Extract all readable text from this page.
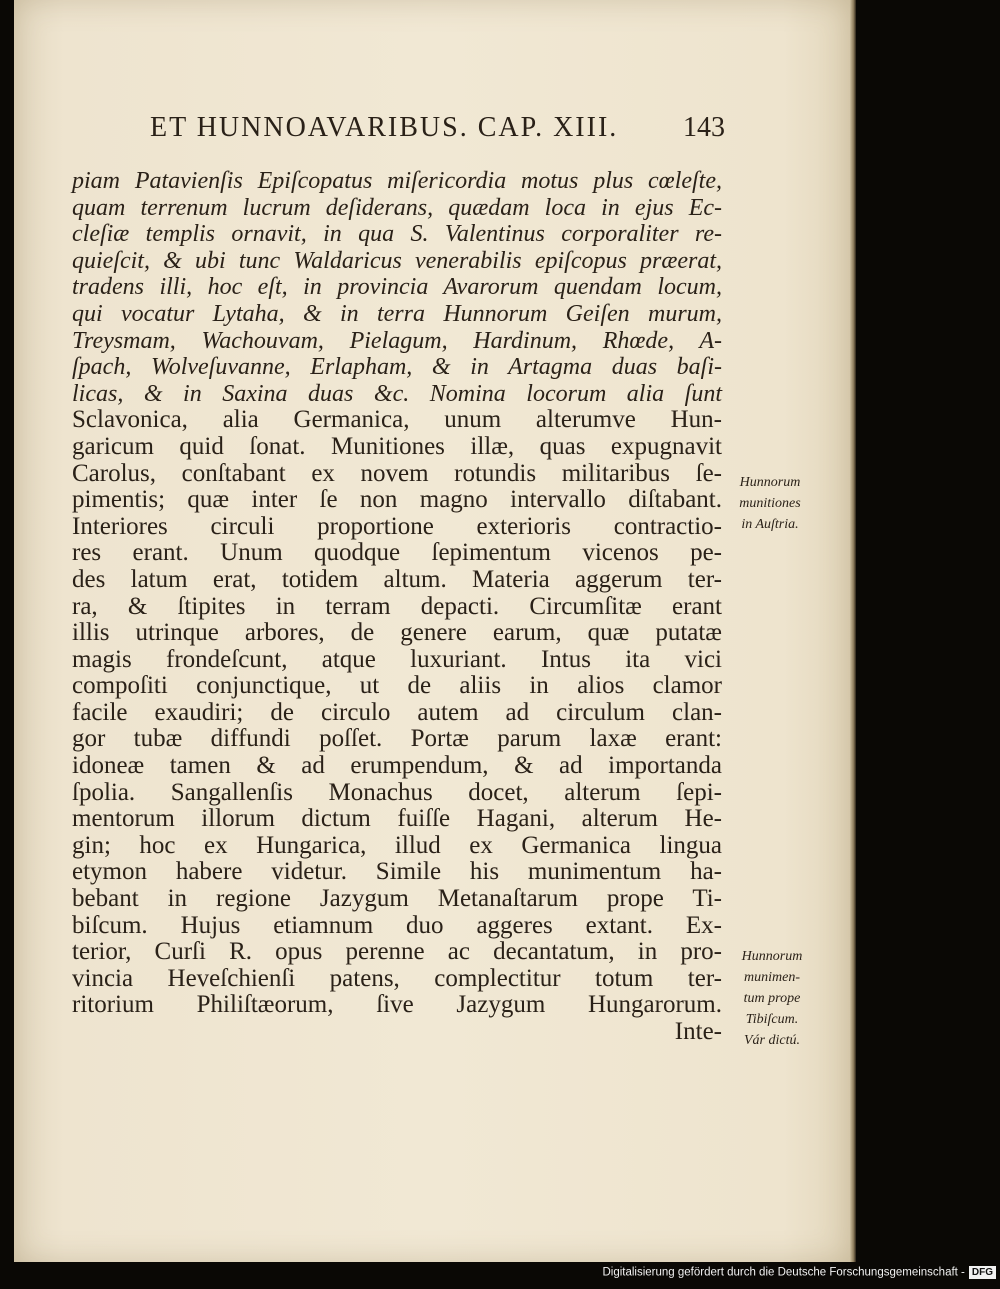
ET HUNNOAVARIBUS. CAP. XIII. 143
piam Patavienſis Epiſcopatus miſericordia motus plus cœleſte,
quam terrenum lucrum deſiderans, quædam loca in ejus Ec-
cleſiæ templis ornavit, in qua S. Valentinus corporaliter re-
quieſcit, & ubi tunc Waldaricus venerabilis epiſcopus præerat,
tradens illi, hoc eſt, in provincia Avarorum quendam locum,
qui vocatur Lytaha, & in terra Hunnorum Geiſen murum,
Treysmam, Wachouvam, Pielagum, Hardinum, Rhœde, A-
ſpach, Wolveſuvanne, Erlapham, & in Artagma duas baſi-
licas, & in Saxina duas &c. Nomina locorum alia ſunt
Sclavonica, alia Germanica, unum alterumve Hun-
garicum quid ſonat. Munitiones illæ, quas expugnavit
Carolus, conſtabant ex novem rotundis militaribus ſe-
pimentis; quæ inter ſe non magno intervallo diſtabant.
Interiores circuli proportione exterioris contractio-
res erant. Unum quodque ſepimentum vicenos pe-
des latum erat, totidem altum. Materia aggerum ter-
ra, & ſtipites in terram depacti. Circumſitæ erant
illis utrinque arbores, de genere earum, quæ putatæ
magis frondeſcunt, atque luxuriant. Intus ita vici
compoſiti conjunctique, ut de aliis in alios clamor
facile exaudiri; de circulo autem ad circulum clan-
gor tubæ diffundi poſſet. Portæ parum laxæ erant:
idoneæ tamen & ad erumpendum, & ad importanda
ſpolia. Sangallenſis Monachus docet, alterum ſepi-
mentorum illorum dictum fuiſſe Hagani, alterum He-
gin; hoc ex Hungarica, illud ex Germanica lingua
etymon habere videtur. Simile his munimentum ha-
bebant in regione Jazygum Metanaſtarum prope Ti-
biſcum. Hujus etiamnum duo aggeres extant. Ex-
terior, Curſi R. opus perenne ac decantatum, in pro-
vincia Heveſchienſi patens, complectitur totum ter-
ritorium Philiſtæorum, ſive Jazygum Hungarorum.
Inte-
Hunnorum
munitiones
in Auſtria.
Hunnorum
munimen-
tum prope
Tibiſcum.
Vár dictú.
Digitalisierung gefördert durch die Deutsche Forschungsgemeinschaft - DFG
